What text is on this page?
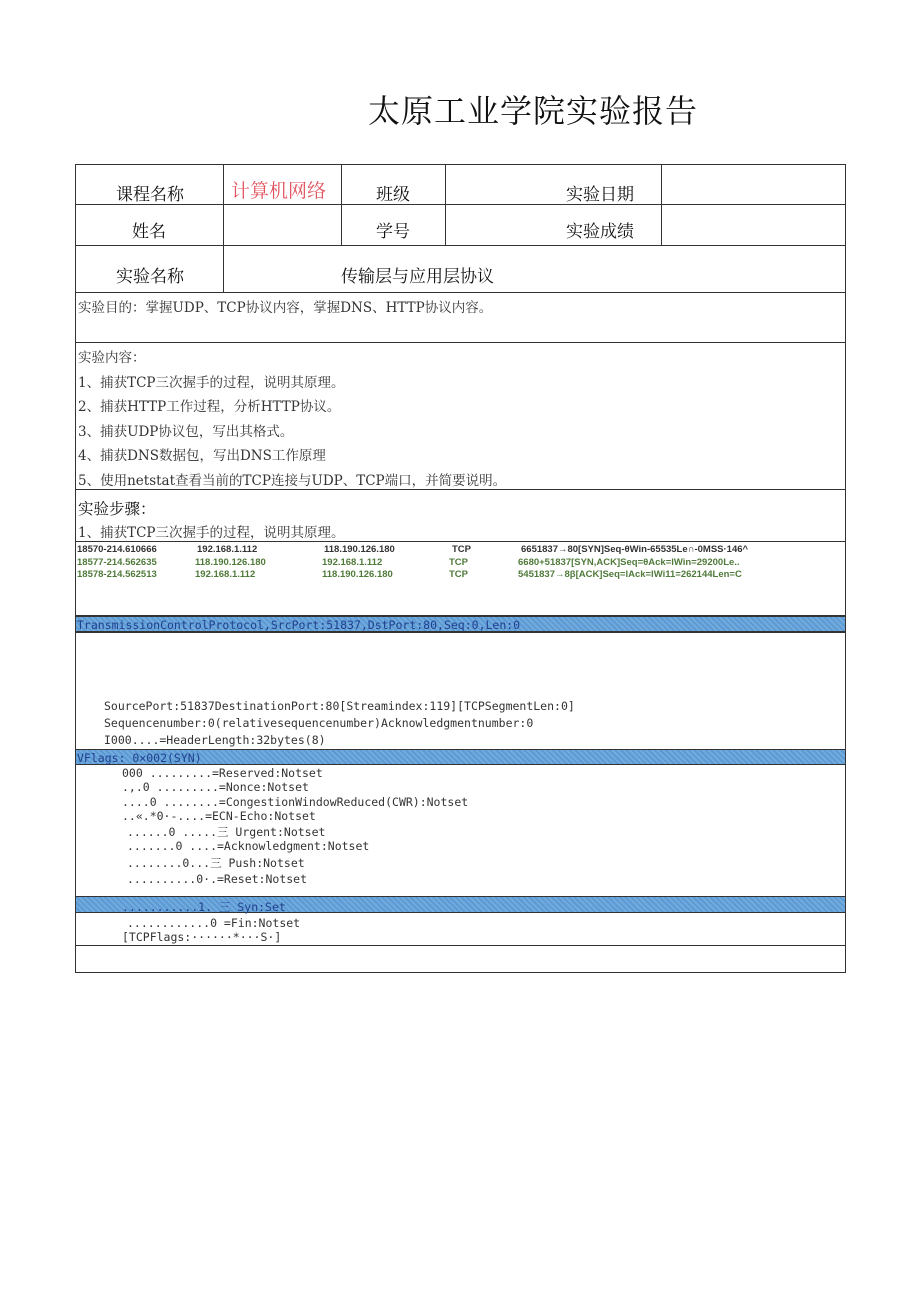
太原工业学院实验报告
课程名称 计算机网络	班级	实验日期
姓名	学号	实验成绩
实验名称	传输层与应用层协议
实验目的：掌握UDP、TCP协议内容，掌握DNS、HTTP协议内容。
实验内容：
1、捕获TCP三次握手的过程，说明其原理。
2、捕获HTTP工作过程，分析HTTP协议。
3、捕获UDP协议包，写出其格式。
4、捕获DNS数据包，写出DNS工作原理
5、使用netstat查看当前的TCP连接与UDP、TCP端口，并简要说明。
实验步骤：
1、捕获TCP三次握手的过程，说明其原理。
18570-214.610666	192.168.1.112	118.190.126.180	TCP	6651837→80[SYN]Seq-θWin-65535Le∩-0MSS·146^
18577-214.562635	118.190.126.180	192.168.1.112	TCP	6680+51837[SYN,ACK]Seq=θAck=lWin=29200Le..
18578-214.562513	192.168.1.112	118.190.126.180	TCP	5451837→8β[ACK]Seq=lAck=lWi11=262144Len=C
TransmissionControlProtocol,SrcPort:51837,DstPort:80,Seq:0,Len:0
SourcePort:51837DestinationPort:80[Streamindex:119][TCPSegmentLen:0]
Sequencenumber:0(relativesequencenumber)Acknowledgmentnumber:0
I000....=HeaderLength:32bytes(8)
VFlags: 0×002(SYN)
000 .........=Reserved:Notset
.,.0 .........=Nonce:Notset
....0 ........=CongestionWindowReduced(CWR):Notset
..«.*0·-....=ECN-Echo:Notset
......0 .....三 Urgent:Notset
.......0 ....=Acknowledgment:Notset
........0...三 Push:Notset
..........0·.=Reset:Notset
...........1. 三 Syn:Set
............0 =Fin:Notset
[TCPFlags:······*···S·]
